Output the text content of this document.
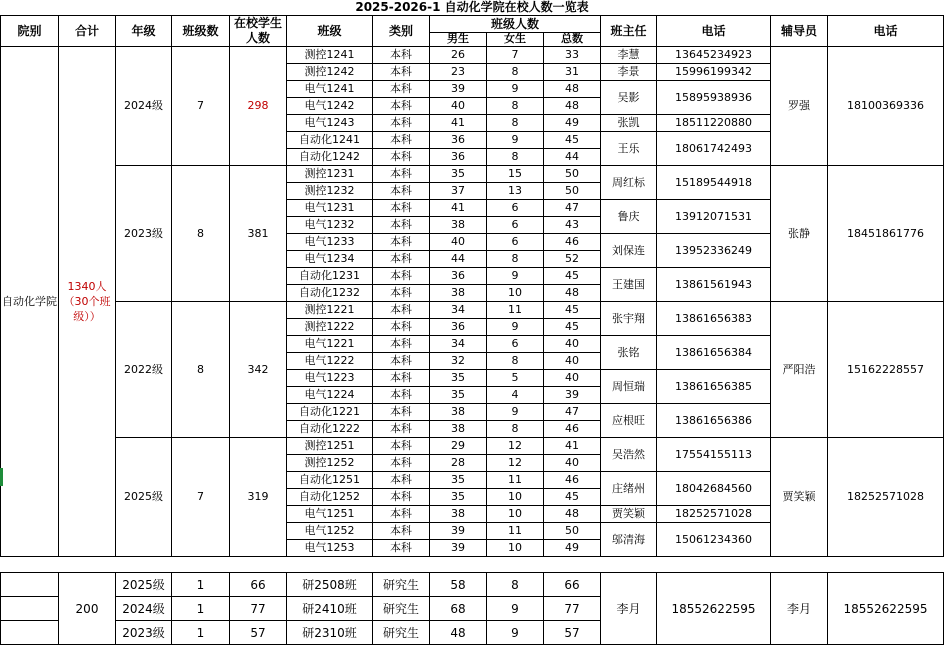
2025-2026-1 自动化学院在校人数一览表
院别	合计	年级	班级数	在校学生人数	班级	类别	班级人数			班主任	电话	辅导员	电话
							男生	女生	总数				
自动化学院	1340人（30个班级））	2024级	7	298	测控1241	本科	26	7	33	李慧	13645234923	罗强	18100369336
					测控1242	本科	23	8	31	李景	15996199342		
					电气1241	本科	39	9	48	吴影	15895938936		
					电气1242	本科	40	8	48				
					电气1243	本科	41	8	49	张凯	18511220880		
					自动化1241	本科	36	9	45	王乐	18061742493		
					自动化1242	本科	36	8	44				
		2023级	8	381	测控1231	本科	35	15	50	周红标	15189544918	张静	18451861776
					测控1232	本科	37	13	50				
					电气1231	本科	41	6	47	鲁庆	13912071531		
					电气1232	本科	38	6	43				
					电气1233	本科	40	6	46	刘保连	13952336249		
					电气1234	本科	44	8	52				
					自动化1231	本科	36	9	45	王建国	13861561943		
					自动化1232	本科	38	10	48				
		2022级	8	342	测控1221	本科	34	11	45	张宇翔	13861656383	严阳浩	15162228557
					测控1222	本科	36	9	45				
					电气1221	本科	34	6	40	张铭	13861656384		
					电气1222	本科	32	8	40				
					电气1223	本科	35	5	40	周恒瑞	13861656385		
					电气1224	本科	35	4	39				
					自动化1221	本科	38	9	47	应根旺	13861656386		
					自动化1222	本科	38	8	46				
		2025级	7	319	测控1251	本科	29	12	41	吴浩然	17554155113	贾笑颖	18252571028
					测控1252	本科	28	12	40				
					自动化1251	本科	35	11	46	庄绪州	18042684560		
					自动化1252	本科	35	10	45				
					电气1251	本科	38	10	48	贾笑颖	18252571028		
					电气1252	本科	39	11	50	邬清海	15061234360		
					电气1253	本科	39	10	49				
	200	2025级	1	66	研2508班	研究生	58	8	66	李月	18552622595	李月	18552622595
		2024级	1	77	研2410班	研究生	68	9	77				
		2023级	1	57	研2310班	研究生	48	9	57				
